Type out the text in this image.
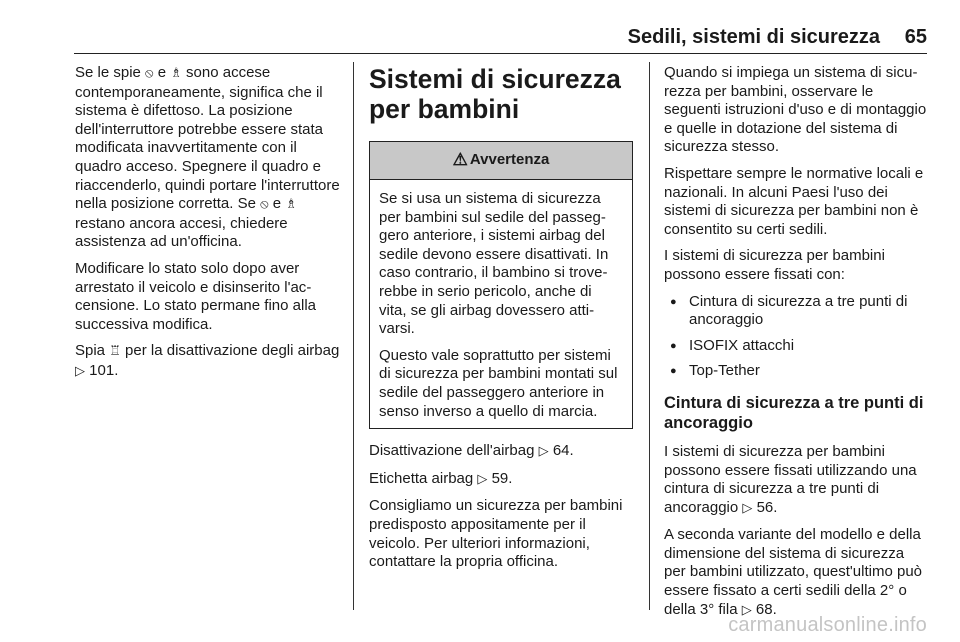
Sedili, sistemi di sicurezza 65

Se le spie ⦸ e ♗ sono accese contemporaneamente, significa che il sistema è difettoso. La posizione dell'interruttore potrebbe essere stata modificata inavvertitamente con il quadro acceso. Spegnere il quadro e riaccenderlo, quindi portare l'interruttore nella posizione corretta. Se ⦸ e ♗ restano ancora accesi, chiedere assistenza ad un'officina.

Modificare lo stato solo dopo aver arrestato il veicolo e disinserito l'accensione. Lo stato permane fino alla successiva modifica.

Spia ♖ per la disattivazione degli airbag ▷ 101.

Sistemi di sicurezza per bambini
⚠ Avvertenza

Se si usa un sistema di sicurezza per bambini sul sedile del passeggero anteriore, i sistemi airbag del sedile devono essere disattivati. In caso contrario, il bambino si troverebbe in serio pericolo, anche di vita, se gli airbag dovessero attivarsi.

Questo vale soprattutto per sistemi di sicurezza per bambini montati sul sedile del passeggero anteriore in senso inverso a quello di marcia.

Disattivazione dell'airbag ▷ 64.

Etichetta airbag ▷ 59.

Consigliamo un sicurezza per bambini predisposto appositamente per il veicolo. Per ulteriori informazioni, contattare la propria officina.

Quando si impiega un sistema di sicurezza per bambini, osservare le seguenti istruzioni d'uso e di montaggio e quelle in dotazione del sistema di sicurezza stesso.

Rispettare sempre le normative locali e nazionali. In alcuni Paesi l'uso dei sistemi di sicurezza per bambini non è consentito su certi sedili.

I sistemi di sicurezza per bambini possono essere fissati con:

● Cintura di sicurezza a tre punti di ancoraggio
● ISOFIX attacchi
● Top-Tether
Cintura di sicurezza a tre punti di ancoraggio

I sistemi di sicurezza per bambini possono essere fissati utilizzando una cintura di sicurezza a tre punti di ancoraggio ▷ 56.

A seconda variante del modello e della dimensione del sistema di sicurezza per bambini utilizzato, quest'ultimo può essere fissato a certi sedili della 2° o della 3° fila ▷ 68.

carmanualsonline.info
